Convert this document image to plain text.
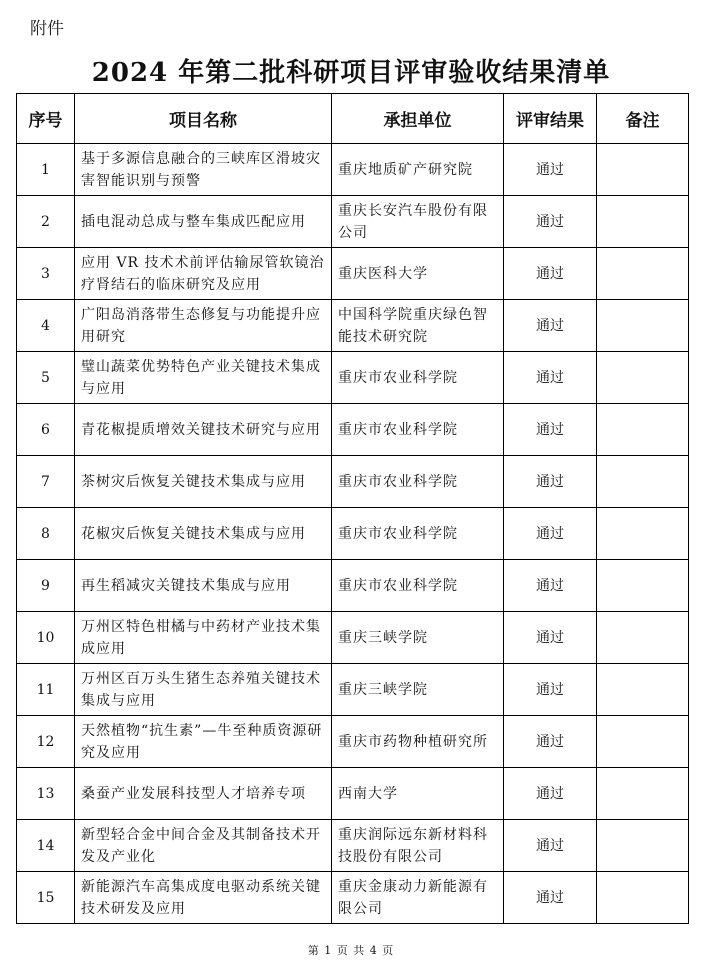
附件
2024 年第二批科研项目评审验收结果清单
序号	项目名称	承担单位	评审结果	备注
1	基于多源信息融合的三峡库区滑坡灾害智能识别与预警	重庆地质矿产研究院	通过	
2	插电混动总成与整车集成匹配应用	重庆长安汽车股份有限公司	通过	
3	应用 VR 技术术前评估输尿管软镜治疗肾结石的临床研究及应用	重庆医科大学	通过	
4	广阳岛消落带生态修复与功能提升应用研究	中国科学院重庆绿色智能技术研究院	通过	
5	璧山蔬菜优势特色产业关键技术集成与应用	重庆市农业科学院	通过	
6	青花椒提质增效关键技术研究与应用	重庆市农业科学院	通过	
7	茶树灾后恢复关键技术集成与应用	重庆市农业科学院	通过	
8	花椒灾后恢复关键技术集成与应用	重庆市农业科学院	通过	
9	再生稻减灾关键技术集成与应用	重庆市农业科学院	通过	
10	万州区特色柑橘与中药材产业技术集成应用	重庆三峡学院	通过	
11	万州区百万头生猪生态养殖关键技术集成与应用	重庆三峡学院	通过	
12	天然植物“抗生素”—牛至种质资源研究及应用	重庆市药物种植研究所	通过	
13	桑蚕产业发展科技型人才培养专项	西南大学	通过	
14	新型轻合金中间合金及其制备技术开发及产业化	重庆润际远东新材料科技股份有限公司	通过	
15	新能源汽车高集成度电驱动系统关键技术研发及应用	重庆金康动力新能源有限公司	通过	
第 1 页 共 4 页
